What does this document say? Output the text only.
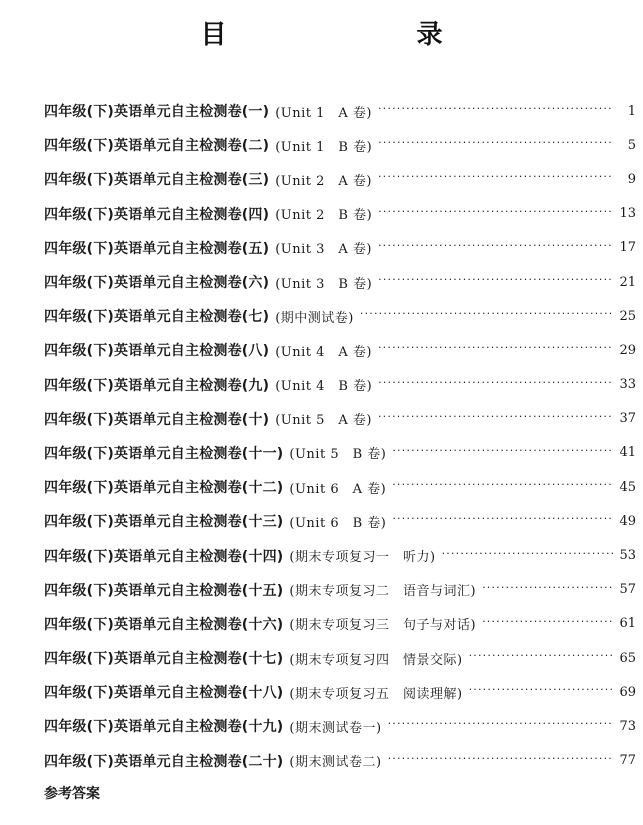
目　　录
四年级(下)英语单元自主检测卷(一) (Unit 1　A 卷) ·····	1
四年级(下)英语单元自主检测卷(二) (Unit 1　B 卷) ·····	5
四年级(下)英语单元自主检测卷(三) (Unit 2　A 卷) ·····	9
四年级(下)英语单元自主检测卷(四) (Unit 2　B 卷) ·····	13
四年级(下)英语单元自主检测卷(五) (Unit 3　A 卷) ·····	17
四年级(下)英语单元自主检测卷(六) (Unit 3　B 卷) ·····	21
四年级(下)英语单元自主检测卷(七) (期中测试卷) ·····	25
四年级(下)英语单元自主检测卷(八) (Unit 4　A 卷) ·····	29
四年级(下)英语单元自主检测卷(九) (Unit 4　B 卷) ·····	33
四年级(下)英语单元自主检测卷(十) (Unit 5　A 卷) ·····	37
四年级(下)英语单元自主检测卷(十一) (Unit 5　B 卷) ·····	41
四年级(下)英语单元自主检测卷(十二) (Unit 6　A 卷) ·····	45
四年级(下)英语单元自主检测卷(十三) (Unit 6　B 卷) ·····	49
四年级(下)英语单元自主检测卷(十四) (期末专项复习一　听力) ·····	53
四年级(下)英语单元自主检测卷(十五) (期末专项复习二　语音与词汇) ·····	57
四年级(下)英语单元自主检测卷(十六) (期末专项复习三　句子与对话) ·····	61
四年级(下)英语单元自主检测卷(十七) (期末专项复习四　情景交际) ·····	65
四年级(下)英语单元自主检测卷(十八) (期末专项复习五　阅读理解) ·····	69
四年级(下)英语单元自主检测卷(十九) (期末测试卷一) ·····	73
四年级(下)英语单元自主检测卷(二十) (期末测试卷二) ·····	77
参考答案
